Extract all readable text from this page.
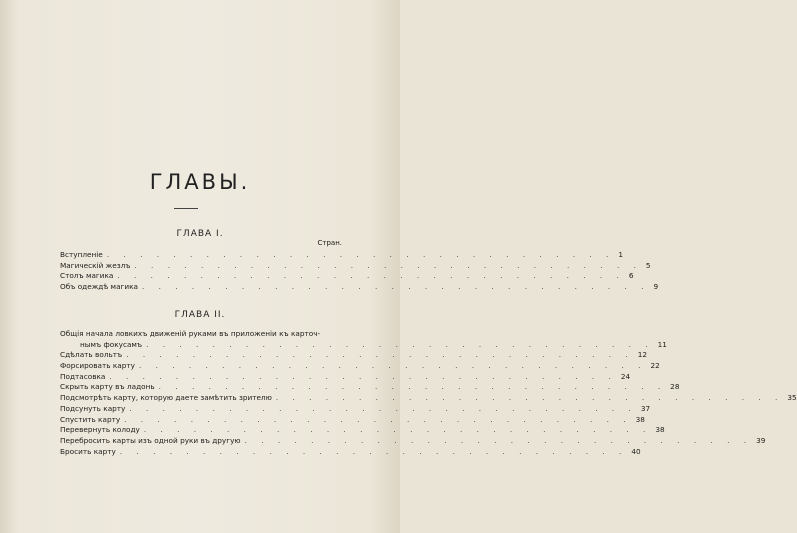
ГЛАВЫ.
ГЛАВА I.
Стран.
Вступленіе . . . . . . . . . . . . . . . . . . . . . . . . . . . . . . . 1
Магическій жезлъ . . . . . . . . . . . . . . . . . . . . . . . . . . . . . . . 5
Столъ магика . . . . . . . . . . . . . . . . . . . . . . . . . . . . . . . 6
Объ одеждѣ магика . . . . . . . . . . . . . . . . . . . . . . . . . . . . . . . 9
ГЛАВА II.
Общія начала ловкихъ движеній руками въ приложеніи къ карточ-
нымъ фокусамъ . . . . . . . . . . . . . . . . . . . . . . . . . . . . . . . 11
Сдѣлать вольтъ . . . . . . . . . . . . . . . . . . . . . . . . . . . . . . . 12
Форсировать карту . . . . . . . . . . . . . . . . . . . . . . . . . . . . . . . 22
Подтасовка . . . . . . . . . . . . . . . . . . . . . . . . . . . . . . . 24
Скрыть карту въ ладонь . . . . . . . . . . . . . . . . . . . . . . . . . . . . . . . 28
Подсмотрѣть карту, которую даете замѣтить зрителю . . . . . . . . . . . . . . . . . . . . . . . . . . . . . . . 35
Подсунуть карту . . . . . . . . . . . . . . . . . . . . . . . . . . . . . . . 37
Спустить карту . . . . . . . . . . . . . . . . . . . . . . . . . . . . . . . 38
Перевернуть колоду . . . . . . . . . . . . . . . . . . . . . . . . . . . . . . . 38
Перебросить карты изъ одной руки въ другую . . . . . . . . . . . . . . . . . . . . . . . . . . . . . . . 39
Бросить карту . . . . . . . . . . . . . . . . . . . . . . . . . . . . . . . 40
